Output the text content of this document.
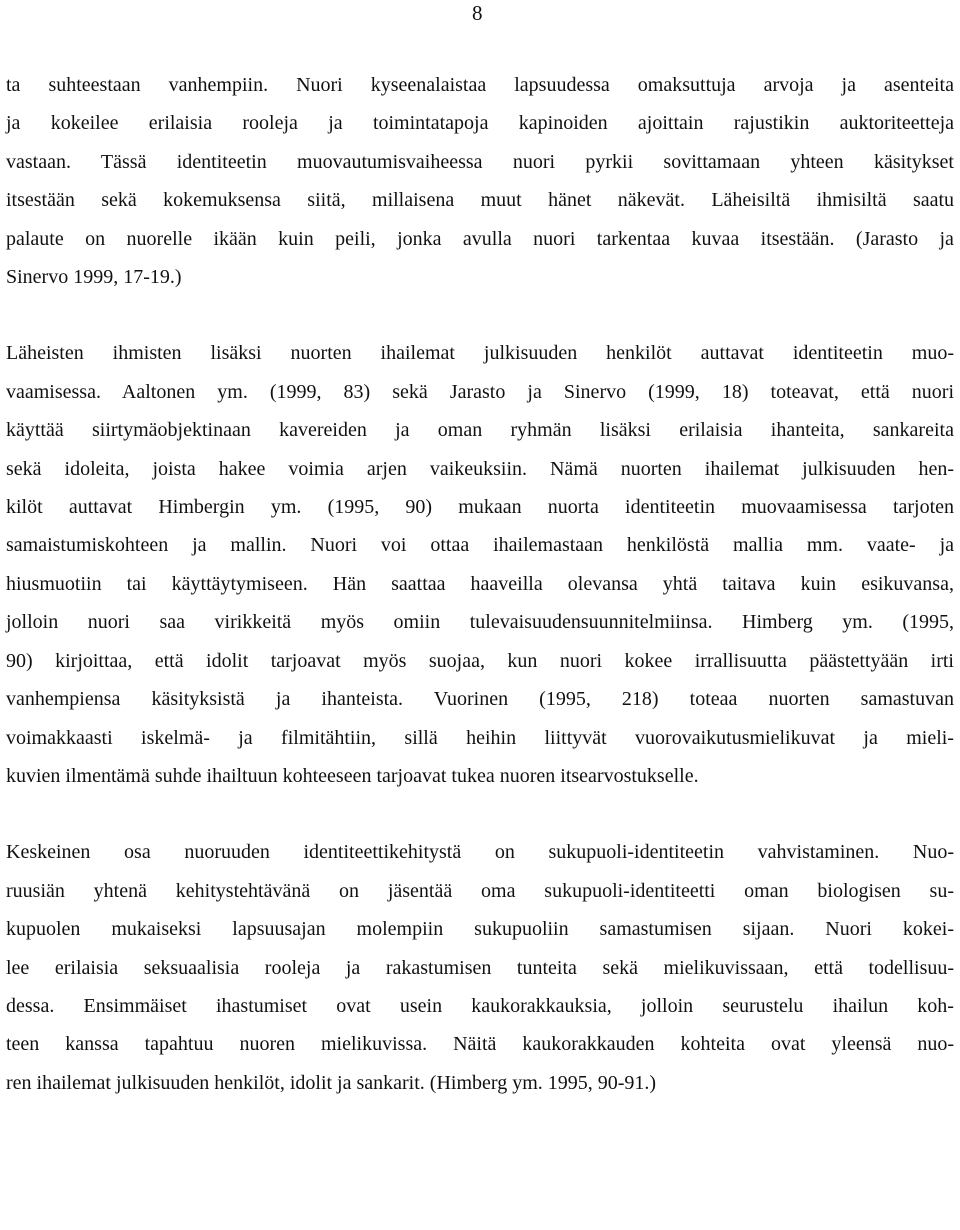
8
ta suhteestaan vanhempiin. Nuori kyseenalaistaa lapsuudessa omaksuttuja arvoja ja asenteita
ja kokeilee erilaisia rooleja ja toimintatapoja kapinoiden ajoittain rajustikin auktoriteetteja
vastaan. Tässä identiteetin muovautumisvaiheessa nuori pyrkii sovittamaan yhteen käsitykset
itsestään sekä kokemuksensa siitä, millaisena muut hänet näkevät. Läheisiltä ihmisiltä saatu
palaute on nuorelle ikään kuin peili, jonka avulla nuori tarkentaa kuvaa itsestään. (Jarasto ja
Sinervo 1999, 17-19.)
Läheisten ihmisten lisäksi nuorten ihailemat julkisuuden henkilöt auttavat identiteetin muo-
vaamisessa. Aaltonen ym. (1999, 83) sekä Jarasto ja Sinervo (1999, 18) toteavat, että nuori
käyttää siirtymäobjektinaan kavereiden ja oman ryhmän lisäksi erilaisia ihanteita, sankareita
sekä idoleita, joista hakee voimia arjen vaikeuksiin. Nämä nuorten ihailemat julkisuuden hen-
kilöt auttavat Himbergin ym. (1995, 90) mukaan nuorta identiteetin muovaamisessa tarjoten
samaistumiskohteen ja mallin. Nuori voi ottaa ihailemastaan henkilöstä mallia mm. vaate- ja
hiusmuotiin tai käyttäytymiseen. Hän saattaa haaveilla olevansa yhtä taitava kuin esikuvansa,
jolloin nuori saa virikkeitä myös omiin tulevaisuudensuunnitelmiinsa. Himberg ym. (1995,
90) kirjoittaa, että idolit tarjoavat myös suojaa, kun nuori kokee irrallisuutta päästettyään irti
vanhempiensa käsityksistä ja ihanteista. Vuorinen (1995, 218) toteaa nuorten samastuvan
voimakkaasti iskelmä- ja filmitähtiin, sillä heihin liittyvät vuorovaikutusmielikuvat ja mieli-
kuvien ilmentämä suhde ihailtuun kohteeseen tarjoavat tukea nuoren itsearvostukselle.
Keskeinen osa nuoruuden identiteettikehitystä on sukupuoli-identiteetin vahvistaminen. Nuo-
ruusiän yhtenä kehitystehtävänä on jäsentää oma sukupuoli-identiteetti oman biologisen su-
kupuolen mukaiseksi lapsuusajan molempiin sukupuoliin samastumisen sijaan. Nuori kokei-
lee erilaisia seksuaalisia rooleja ja rakastumisen tunteita sekä mielikuvissaan, että todellisuu-
dessa. Ensimmäiset ihastumiset ovat usein kaukorakkauksia, jolloin seurustelu ihailun koh-
teen kanssa tapahtuu nuoren mielikuvissa. Näitä kaukorakkauden kohteita ovat yleensä nuo-
ren ihailemat julkisuuden henkilöt, idolit ja sankarit. (Himberg ym. 1995, 90-91.)
